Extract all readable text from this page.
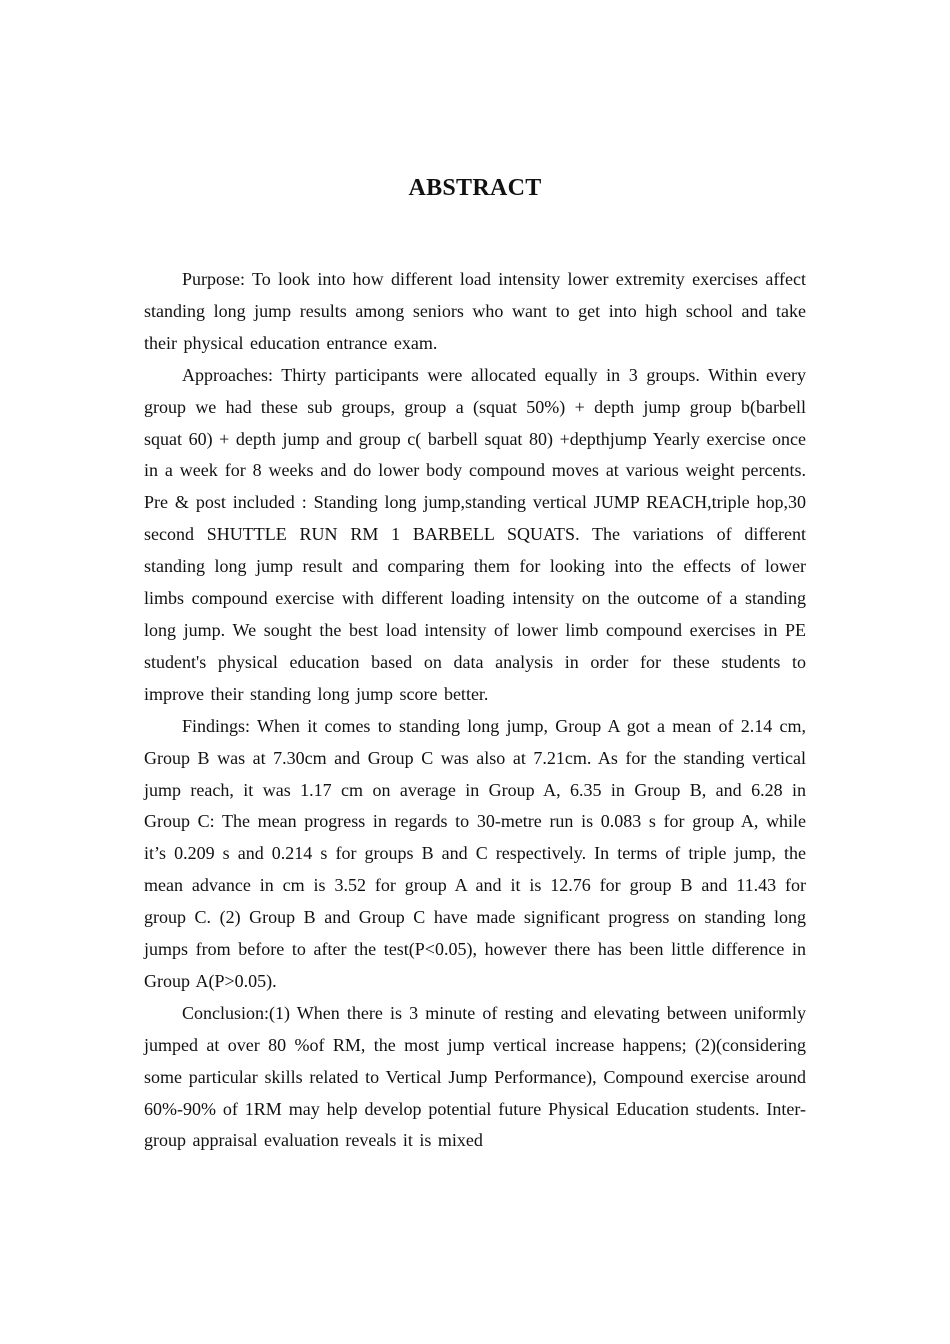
ABSTRACT

Purpose: To look into how different load intensity lower extremity exercises affect standing long jump results among seniors who want to get into high school and take their physical education entrance exam.

Approaches: Thirty participants were allocated equally in 3 groups. Within every group we had these sub groups, group a (squat 50%) + depth jump group b(barbell squat 60) + depth jump and group c( barbell squat 80) +depthjump Yearly exercise once in a week for 8 weeks and do lower body compound moves at various weight percents. Pre & post included : Standing long jump,standing vertical JUMP REACH,triple hop,30 second SHUTTLE RUN RM 1 BARBELL SQUATS. The variations of different standing long jump result and comparing them for looking into the effects of lower limbs compound exercise with different loading intensity on the outcome of a standing long jump. We sought the best load intensity of lower limb compound exercises in PE student's physical education based on data analysis in order for these students to improve their standing long jump score better.

Findings: When it comes to standing long jump, Group A got a mean of 2.14 cm, Group B was at 7.30cm and Group C was also at 7.21cm. As for the standing vertical jump reach, it was 1.17 cm on average in Group A, 6.35 in Group B, and 6.28 in Group C: The mean progress in regards to 30-metre run is 0.083 s for group A, while it’s 0.209 s and 0.214 s for groups B and C respectively. In terms of triple jump, the mean advance in cm is 3.52 for group A and it is 12.76 for group B and 11.43 for group C. (2) Group B and Group C have made significant progress on standing long jumps from before to after the test(P<0.05), however there has been little difference in Group A(P>0.05).

Conclusion:(1) When there is 3 minute of resting and elevating between uniformly jumped at over 80 %of RM, the most jump vertical increase happens; (2)(considering some particular skills related to Vertical Jump Performance), Compound exercise around 60%-90% of 1RM may help develop potential future Physical Education students. Inter-group appraisal evaluation reveals it is mixed
